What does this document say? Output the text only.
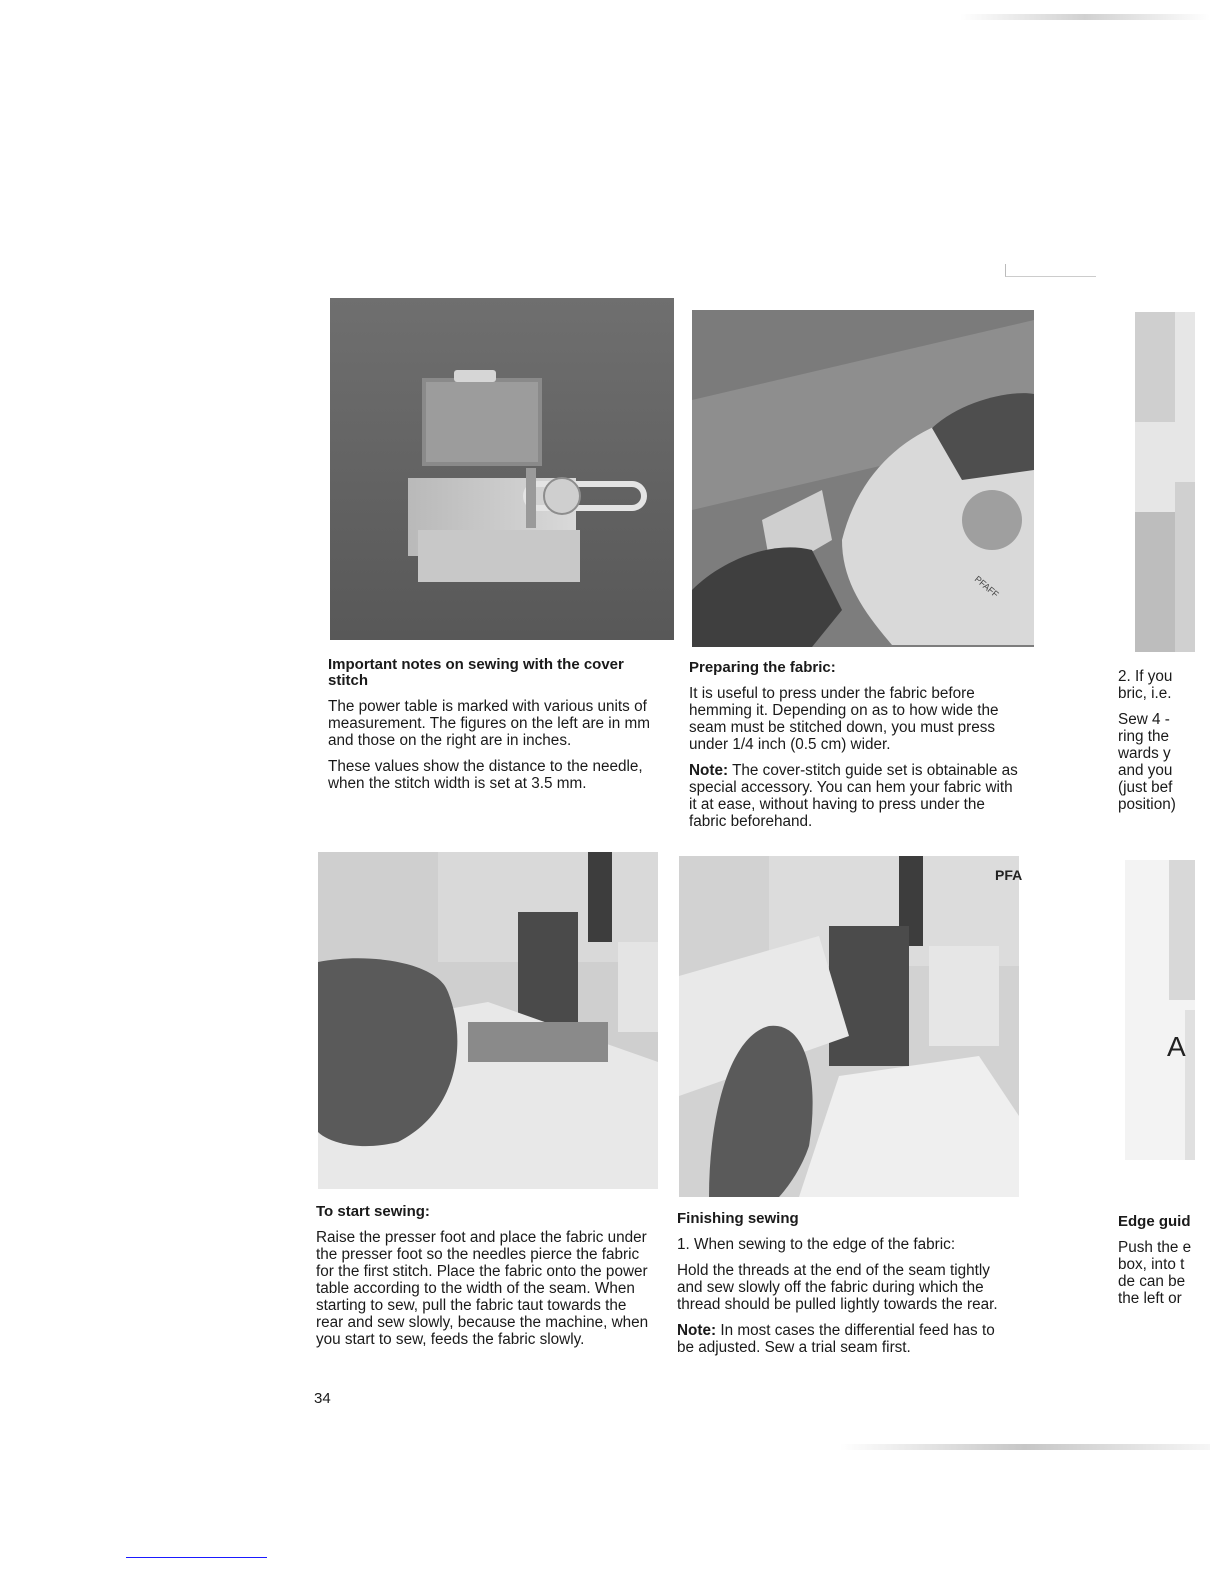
PFAFF
Important notes on sewing with the cover stitch

The power table is marked with various units of measurement. The figures on the left are in mm and those on the right are in inches.

These values show the distance to the needle, when the stitch width is set at 3.5 mm.

Preparing the fabric:

It is useful to press under the fabric before hemming it. Depending on as to how wide the seam must be stitched down, you must press under 1/4 inch (0.5 cm) wider.

Note: The cover-stitch guide set is obtainable as special accessory. You can hem your fabric with it at ease, without having to press under the fabric beforehand.

PFA
To start sewing:

Raise the presser foot and place the fabric under the presser foot so the needles pierce the fabric for the first stitch. Place the fabric onto the power table according to the width of the seam. When starting to sew, pull the fabric taut towards the rear and sew slowly, because the machine, when you start to sew, feeds the fabric slowly.

Finishing sewing

1. When sewing to the edge of the fabric:

Hold the threads at the end of the seam tightly and sew slowly off the fabric during which the thread should be pulled lightly towards the rear.

Note: In most cases the differential feed has to be adjusted. Sew a trial seam first.

2. If you
bric, i.e.

Sew 4 -
ring the
wards y 
and you
(just bef
position)

A
Edge guid

Push the e
box, into t
de can be
the left or

34
